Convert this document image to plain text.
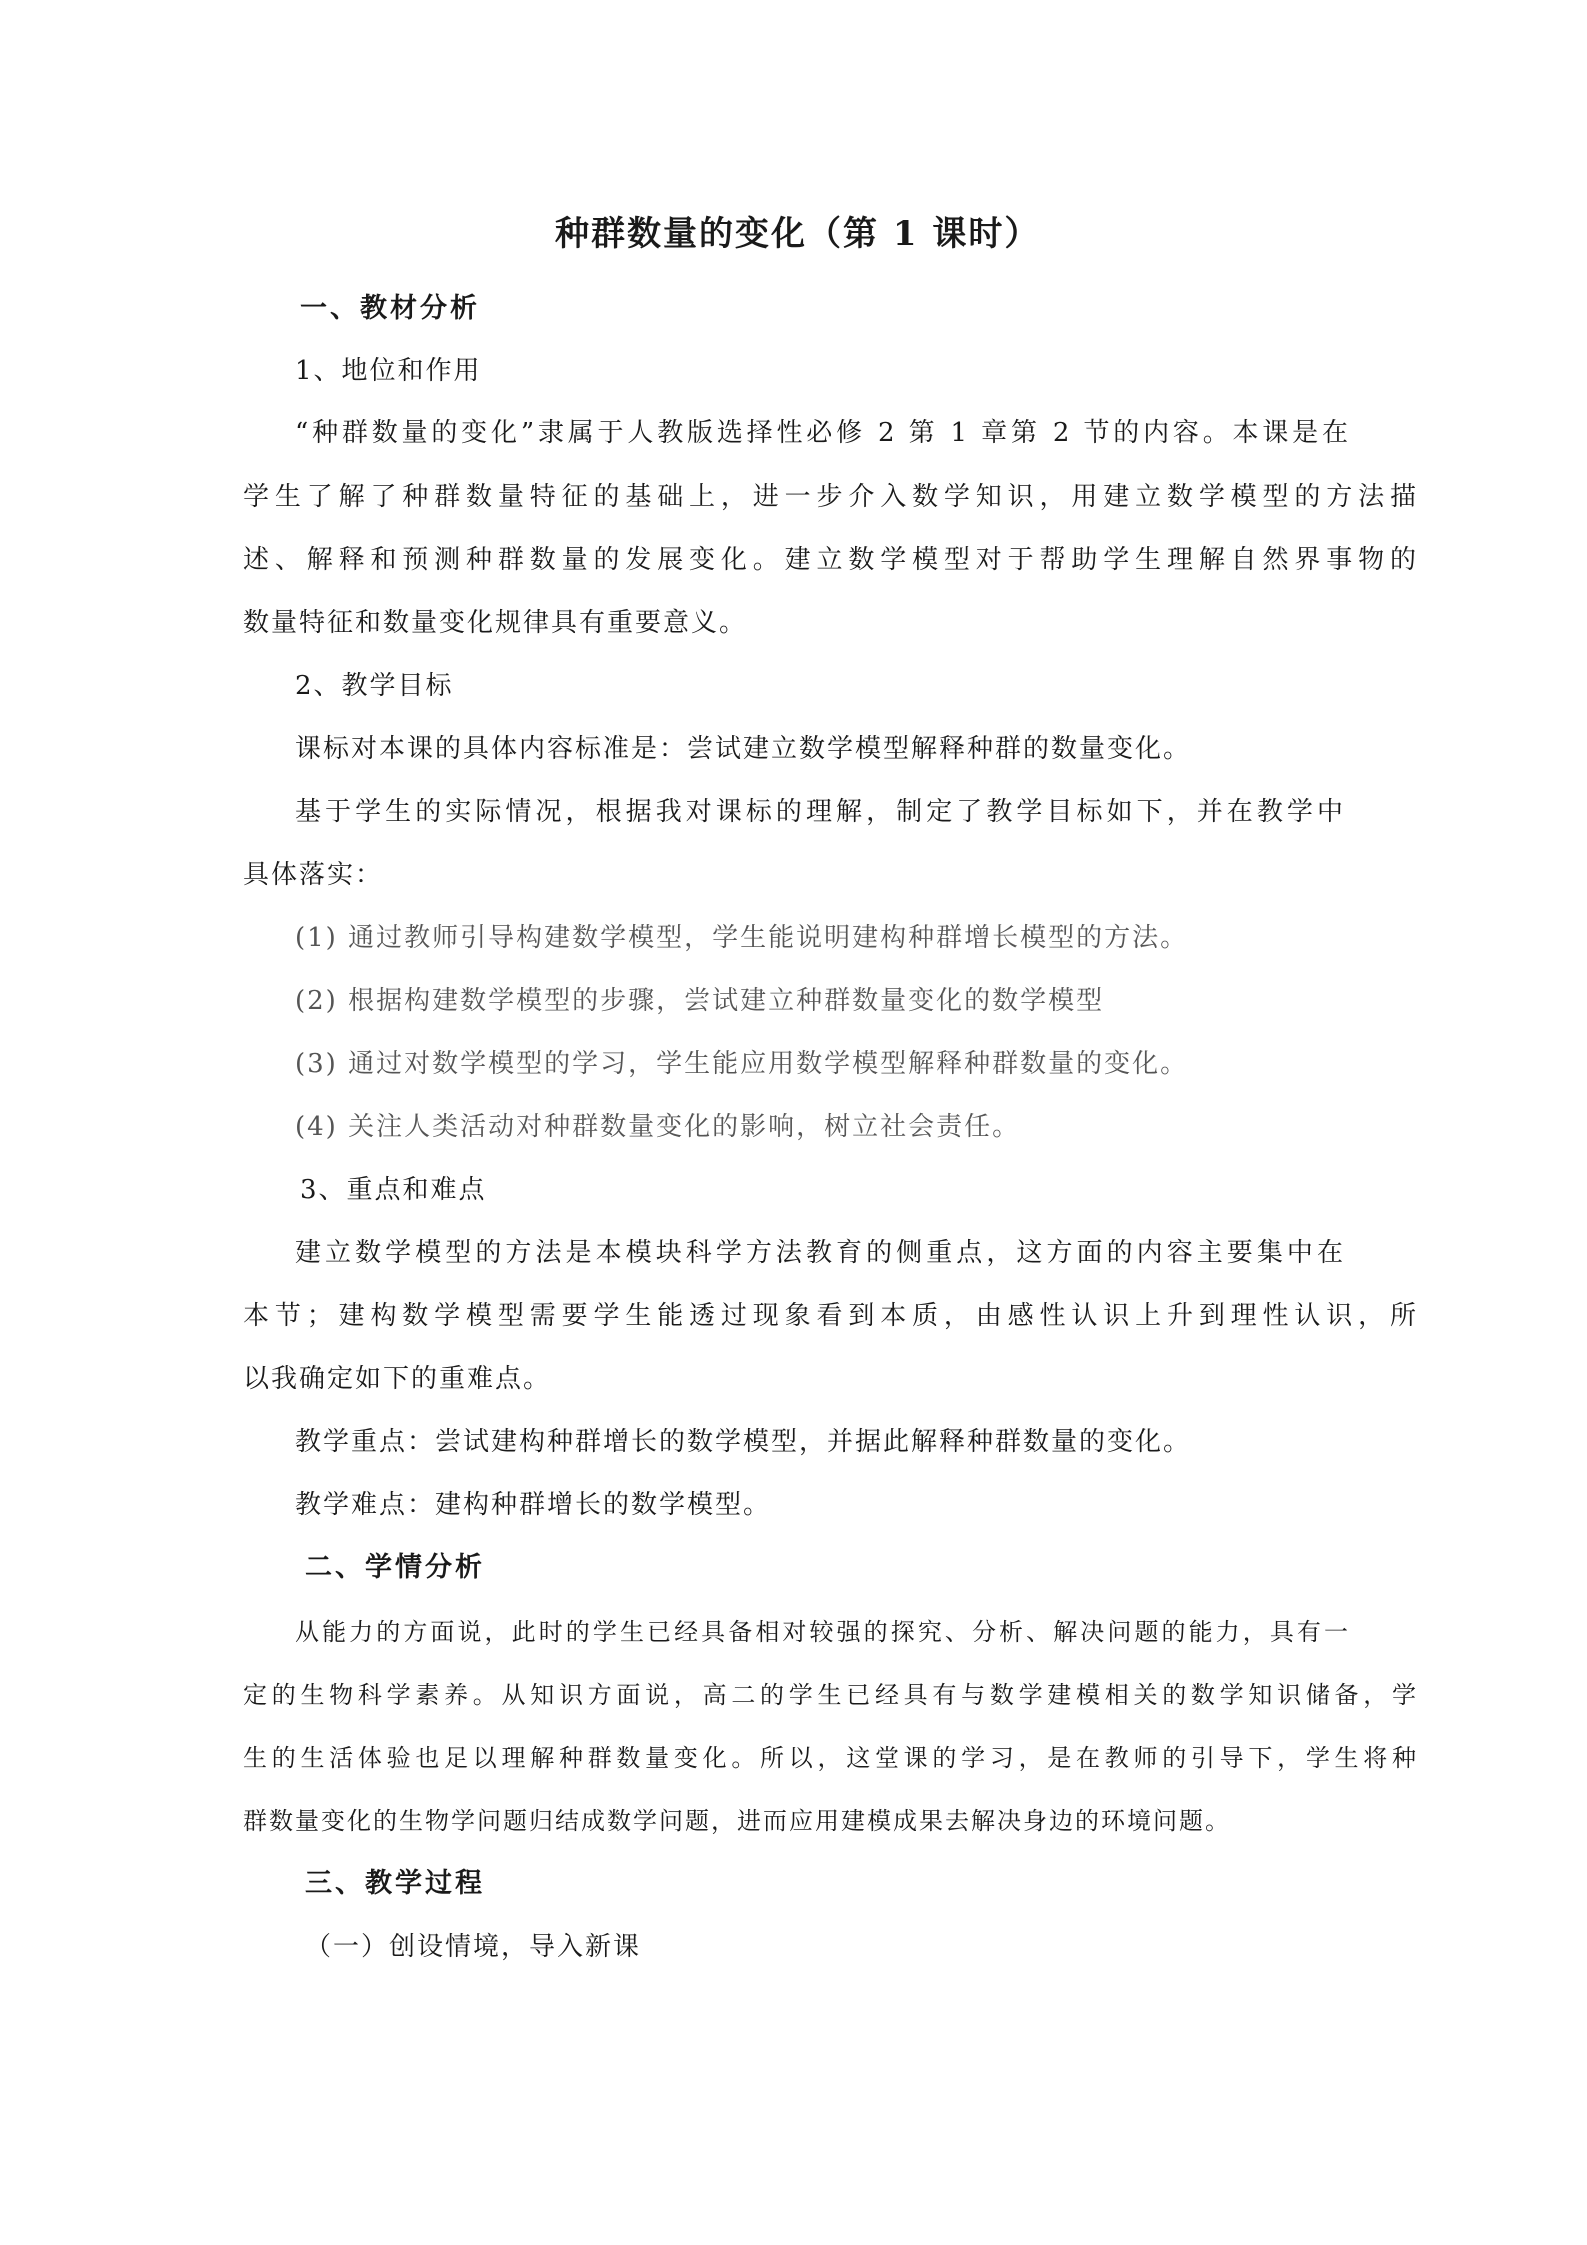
种群数量的变化（第 1 课时）
一、教材分析
1、地位和作用
“种群数量的变化”隶属于人教版选择性必修 2 第 1 章第 2 节的内容。本课是在
学生了解了种群数量特征的基础上，进一步介入数学知识，用建立数学模型的方法描
述、解释和预测种群数量的发展变化。建立数学模型对于帮助学生理解自然界事物的
数量特征和数量变化规律具有重要意义。
2、教学目标
课标对本课的具体内容标准是：尝试建立数学模型解释种群的数量变化。
基于学生的实际情况，根据我对课标的理解，制定了教学目标如下，并在教学中
具体落实：
(1) 通过教师引导构建数学模型，学生能说明建构种群增长模型的方法。
(2) 根据构建数学模型的步骤，尝试建立种群数量变化的数学模型
(3) 通过对数学模型的学习，学生能应用数学模型解释种群数量的变化。
(4) 关注人类活动对种群数量变化的影响，树立社会责任。
3、重点和难点
建立数学模型的方法是本模块科学方法教育的侧重点，这方面的内容主要集中在
本节；建构数学模型需要学生能透过现象看到本质，由感性认识上升到理性认识，所
以我确定如下的重难点。
教学重点：尝试建构种群增长的数学模型，并据此解释种群数量的变化。
教学难点：建构种群增长的数学模型。
二、学情分析
从能力的方面说，此时的学生已经具备相对较强的探究、分析、解决问题的能力，具有一
定的生物科学素养。从知识方面说，高二的学生已经具有与数学建模相关的数学知识储备，学
生的生活体验也足以理解种群数量变化。所以，这堂课的学习，是在教师的引导下，学生将种
群数量变化的生物学问题归结成数学问题，进而应用建模成果去解决身边的环境问题。
三、教学过程
（一）创设情境，导入新课
